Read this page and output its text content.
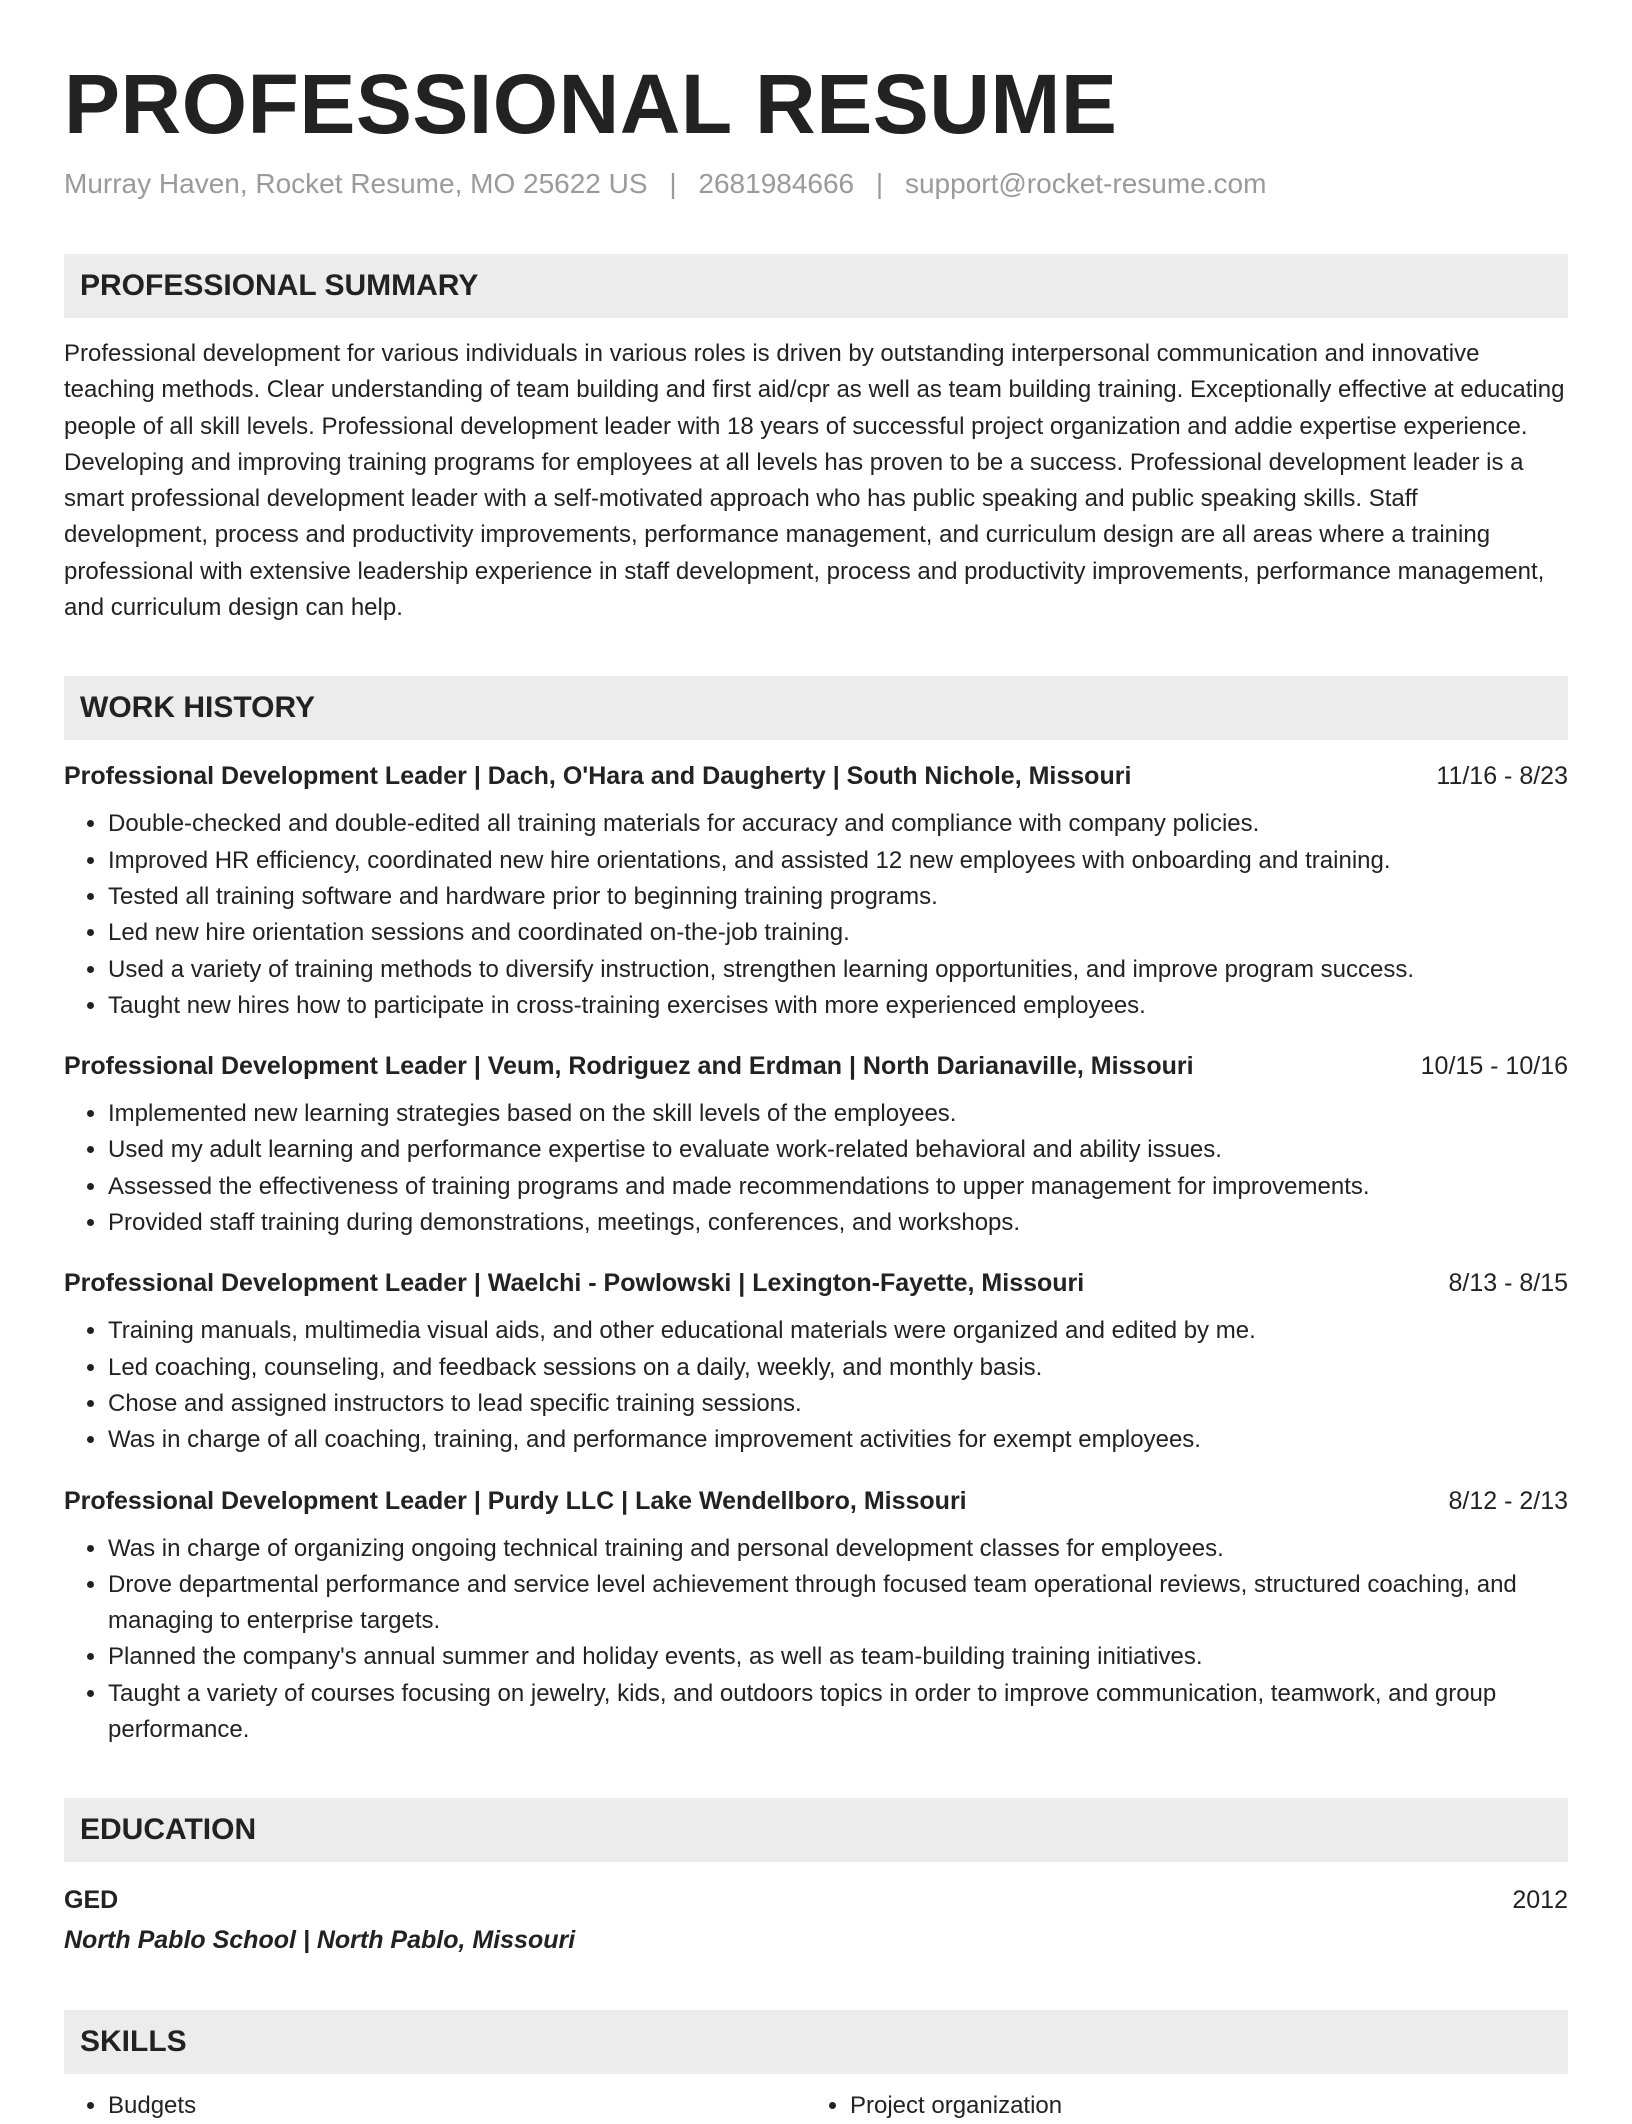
PROFESSIONAL RESUME
Murray Haven, Rocket Resume, MO 25622 US | 2681984666 | support@rocket-resume.com
PROFESSIONAL SUMMARY

Professional development for various individuals in various roles is driven by outstanding interpersonal communication and innovative teaching methods. Clear understanding of team building and first aid/cpr as well as team building training. Exceptionally effective at educating people of all skill levels. Professional development leader with 18 years of successful project organization and addie expertise experience. Developing and improving training programs for employees at all levels has proven to be a success. Professional development leader is a smart professional development leader with a self-motivated approach who has public speaking and public speaking skills. Staff development, process and productivity improvements, performance management, and curriculum design are all areas where a training professional with extensive leadership experience in staff development, process and productivity improvements, performance management, and curriculum design can help.

WORK HISTORY
Professional Development Leader | Dach, O'Hara and Daugherty | South Nichole, Missouri	11/16 - 8/23
• Double-checked and double-edited all training materials for accuracy and compliance with company policies.
• Improved HR efficiency, coordinated new hire orientations, and assisted 12 new employees with onboarding and training.
• Tested all training software and hardware prior to beginning training programs.
• Led new hire orientation sessions and coordinated on-the-job training.
• Used a variety of training methods to diversify instruction, strengthen learning opportunities, and improve program success.
• Taught new hires how to participate in cross-training exercises with more experienced employees.
Professional Development Leader | Veum, Rodriguez and Erdman | North Darianaville, Missouri	10/15 - 10/16
• Implemented new learning strategies based on the skill levels of the employees.
• Used my adult learning and performance expertise to evaluate work-related behavioral and ability issues.
• Assessed the effectiveness of training programs and made recommendations to upper management for improvements.
• Provided staff training during demonstrations, meetings, conferences, and workshops.
Professional Development Leader | Waelchi - Powlowski | Lexington-Fayette, Missouri	8/13 - 8/15
• Training manuals, multimedia visual aids, and other educational materials were organized and edited by me.
• Led coaching, counseling, and feedback sessions on a daily, weekly, and monthly basis.
• Chose and assigned instructors to lead specific training sessions.
• Was in charge of all coaching, training, and performance improvement activities for exempt employees.
Professional Development Leader | Purdy LLC | Lake Wendellboro, Missouri	8/12 - 2/13
• Was in charge of organizing ongoing technical training and personal development classes for employees.
• Drove departmental performance and service level achievement through focused team operational reviews, structured coaching, and managing to enterprise targets.
• Planned the company's annual summer and holiday events, as well as team-building training initiatives.
• Taught a variety of courses focusing on jewelry, kids, and outdoors topics in order to improve communication, teamwork, and group performance.
EDUCATION
GED	2012
North Pablo School | North Pablo, Missouri
SKILLS
• Budgets
•	Project organization
